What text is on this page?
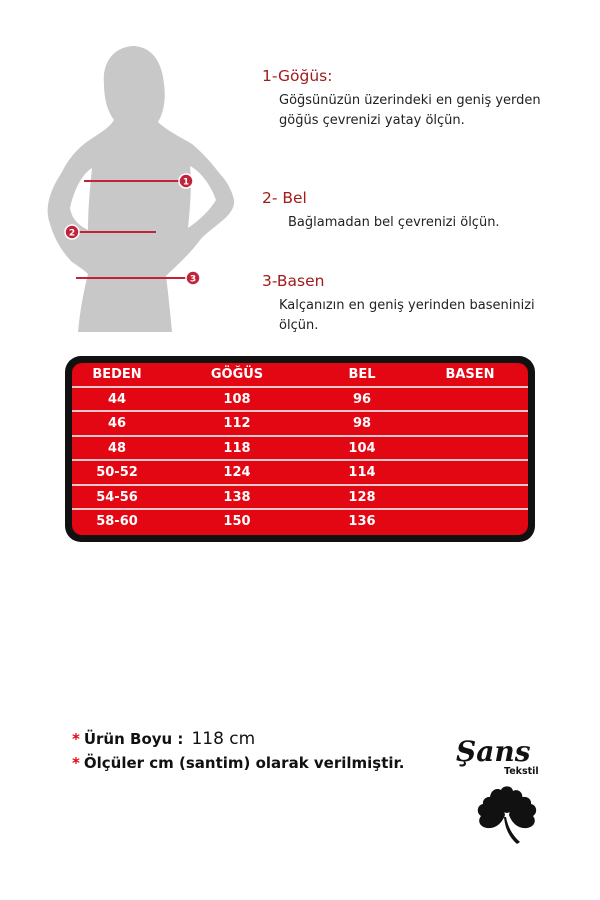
1
2
3

1-Göğüs:

Göğsünüzün üzerindeki en geniş yerden göğüs çevrenizi yatay ölçün.

2- Bel

Bağlamadan bel çevrenizi ölçün.

3-Basen

Kalçanızın en geniş yerinden baseninizi ölçün.

BEDEN	GÖĞÜS	BEL	BASEN
44	108	96
46	112	98
48	118	104
50-52	124	114
54-56	138	128
58-60	150	136

* Ürün Boyu : 118 cm

* Ölçüler cm (santim) olarak verilmiştir. Şans
Tekstil
